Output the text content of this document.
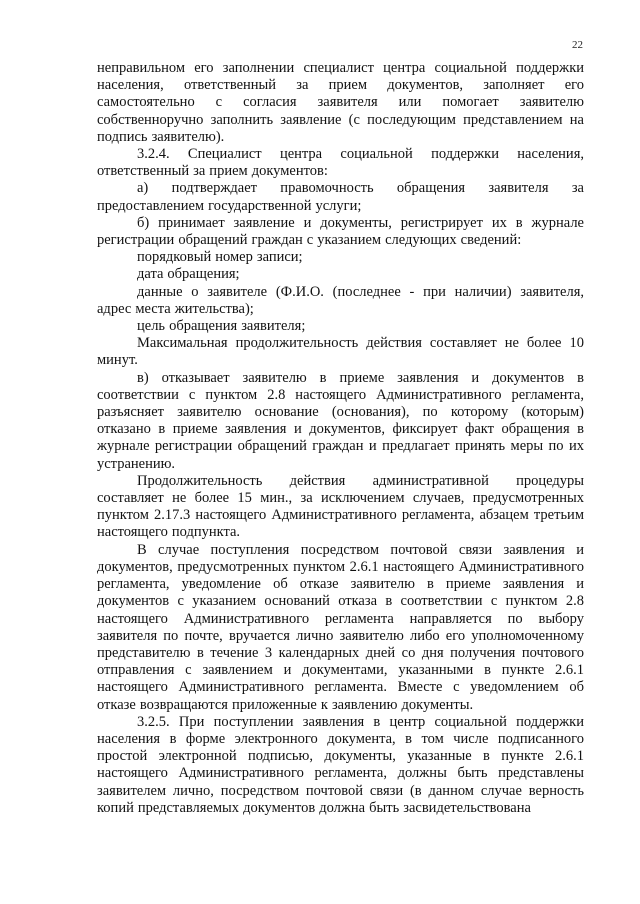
22

неправильном его заполнении специалист центра социальной поддержки населения, ответственный за прием документов, заполняет его самостоятельно с согласия заявителя или помогает заявителю собственноручно заполнить заявление (с последующим представлением на подпись заявителю).

3.2.4. Специалист центра социальной поддержки населения, ответственный за прием документов:

а) подтверждает правомочность обращения заявителя за предоставлением государственной услуги;

б) принимает заявление и документы, регистрирует их в журнале регистрации обращений граждан с указанием следующих сведений:

порядковый номер записи;

дата обращения;

данные о заявителе (Ф.И.О. (последнее - при наличии) заявителя, адрес места жительства);

цель обращения заявителя;

Максимальная продолжительность действия составляет не более 10 минут.

в) отказывает заявителю в приеме заявления и документов в соответствии с пунктом 2.8 настоящего Административного регламента, разъясняет заявителю основание (основания), по которому (которым) отказано в приеме заявления и документов, фиксирует факт обращения в журнале регистрации обращений граждан и предлагает принять меры по их устранению.

Продолжительность действия административной процедуры составляет не более 15 мин., за исключением случаев, предусмотренных пунктом 2.17.3 настоящего Административного регламента, абзацем третьим настоящего подпункта.

В случае поступления посредством почтовой связи заявления и документов, предусмотренных пунктом 2.6.1 настоящего Административного регламента, уведомление об отказе заявителю в приеме заявления и документов с указанием оснований отказа в соответствии с пунктом 2.8 настоящего Административного регламента направляется по выбору заявителя по почте, вручается лично заявителю либо его уполномоченному представителю в течение 3 календарных дней со дня получения почтового отправления с заявлением и документами, указанными в пункте 2.6.1 настоящего Административного регламента. Вместе с уведомлением об отказе возвращаются приложенные к заявлению документы.

3.2.5. При поступлении заявления в центр социальной поддержки населения в форме электронного документа, в том числе подписанного простой электронной подписью, документы, указанные в пункте 2.6.1 настоящего Административного регламента, должны быть представлены заявителем лично, посредством почтовой связи (в данном случае верность копий представляемых документов должна быть засвидетельствована
